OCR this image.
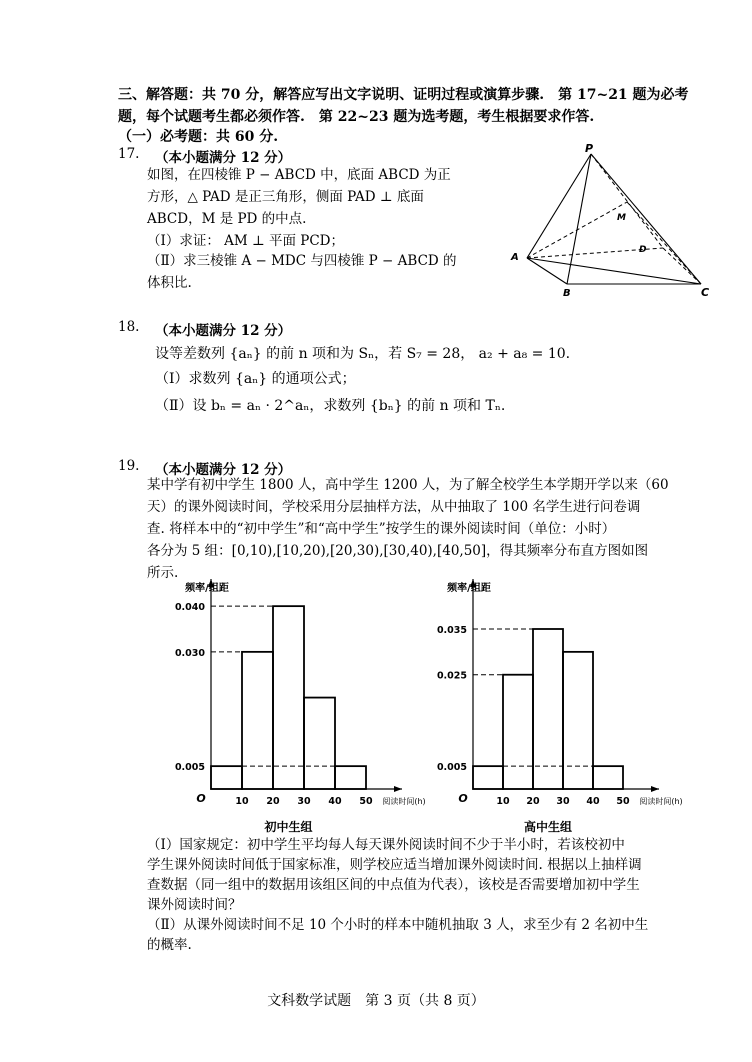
三、解答题：共 70 分，解答应写出文字说明、证明过程或演算步骤.　第 17~21 题为必考
题，每个试题考生都必须作答.　第 22~23 题为选考题，考生根据要求作答.
（一）必考题：共 60 分.
17. （本小题满分 12 分）
如图，在四棱锥 P − ABCD 中，底面 ABCD 为正
方形，△ PAD 是正三角形，侧面 PAD ⊥ 底面
ABCD，M 是 PD 的中点.
（Ⅰ）求证： AM ⊥ 平面 PCD；
（Ⅱ）求三棱锥 A − MDC 与四棱锥 P − ABCD 的
体积比.
P
M
D
A
B	C
18. （本小题满分 12 分）
设等差数列 {aₙ} 的前 n 项和为 Sₙ，若 S₇ = 28， a₂ + a₈ = 10.
（Ⅰ）求数列 {aₙ} 的通项公式；
（Ⅱ）设 bₙ = aₙ · 2^aₙ，求数列 {bₙ} 的前 n 项和 Tₙ.
19. （本小题满分 12 分）
某中学有初中学生 1800 人，高中学生 1200 人，为了解全校学生本学期开学以来（60
天）的课外阅读时间，学校采用分层抽样方法，从中抽取了 100 名学生进行问卷调
查. 将样本中的“初中学生”和“高中学生”按学生的课外阅读时间（单位：小时）
各分为 5 组：[0,10),[10,20),[20,30),[30,40),[40,50]，得其频率分布直方图如图
所示.
0.040
0.030
0.005
10 20 30 40 50
O	阅读时间(h)
频率/组距
初中生组
0.035
0.025
0.005
10 20 30 40 50
O	阅读时间(h)
频率/组距
高中生组
（Ⅰ）国家规定：初中学生平均每人每天课外阅读时间不少于半小时，若该校初中
学生课外阅读时间低于国家标准，则学校应适当增加课外阅读时间. 根据以上抽样调
查数据（同一组中的数据用该组区间的中点值为代表），该校是否需要增加初中学生
课外阅读时间？
（Ⅱ）从课外阅读时间不足 10 个小时的样本中随机抽取 3 人，求至少有 2 名初中生
的概率.
文科数学试题　第 3 页（共 8 页）
